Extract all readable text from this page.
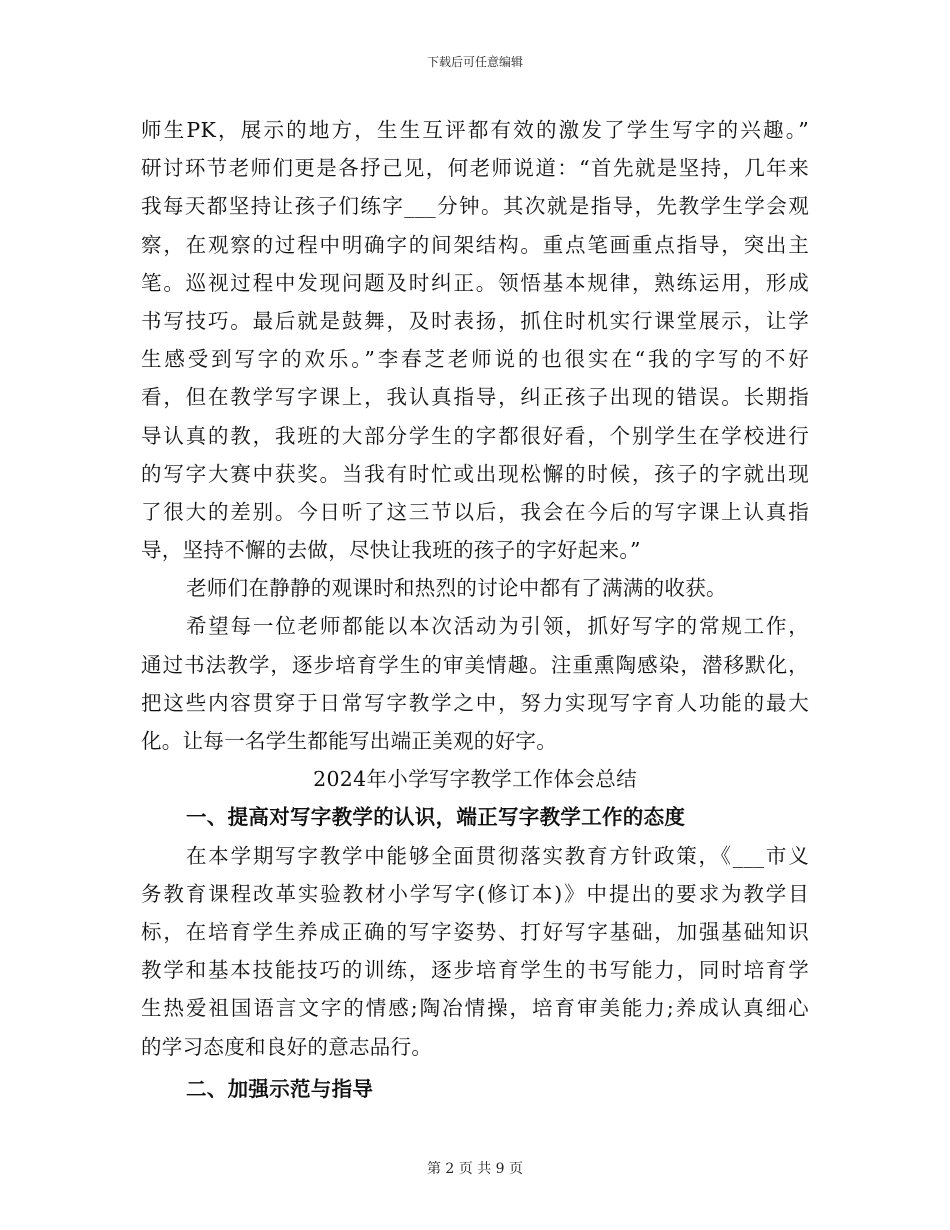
下载后可任意编辑
师生PK，展示的地方，生生互评都有效的激发了学生写字的兴趣。”
研讨环节老师们更是各抒己见，何老师说道：“首先就是坚持，几年来
我每天都坚持让孩子们练字___分钟。其次就是指导，先教学生学会观
察，在观察的过程中明确字的间架结构。重点笔画重点指导，突出主
笔。巡视过程中发现问题及时纠正。领悟基本规律，熟练运用，形成
书写技巧。最后就是鼓舞，及时表扬，抓住时机实行课堂展示，让学
生感受到写字的欢乐。”李春芝老师说的也很实在“我的字写的不好
看，但在教学写字课上，我认真指导，纠正孩子出现的错误。长期指
导认真的教，我班的大部分学生的字都很好看，个别学生在学校进行
的写字大赛中获奖。当我有时忙或出现松懈的时候，孩子的字就出现
了很大的差别。今日听了这三节以后，我会在今后的写字课上认真指
导，坚持不懈的去做，尽快让我班的孩子的字好起来。”
老师们在静静的观课时和热烈的讨论中都有了满满的收获。
希望每一位老师都能以本次活动为引领，抓好写字的常规工作，
通过书法教学，逐步培育学生的审美情趣。注重熏陶感染，潜移默化，
把这些内容贯穿于日常写字教学之中，努力实现写字育人功能的最大
化。让每一名学生都能写出端正美观的好字。
2024年小学写字教学工作体会总结
一、提高对写字教学的认识，端正写字教学工作的态度
在本学期写字教学中能够全面贯彻落实教育方针政策，《___市义
务教育课程改革实验教材小学写字(修订本)》中提出的要求为教学目
标，在培育学生养成正确的写字姿势、打好写字基础，加强基础知识
教学和基本技能技巧的训练，逐步培育学生的书写能力，同时培育学
生热爱祖国语言文字的情感;陶冶情操，培育审美能力;养成认真细心
的学习态度和良好的意志品行。
二、加强示范与指导
第 2 页 共 9 页
